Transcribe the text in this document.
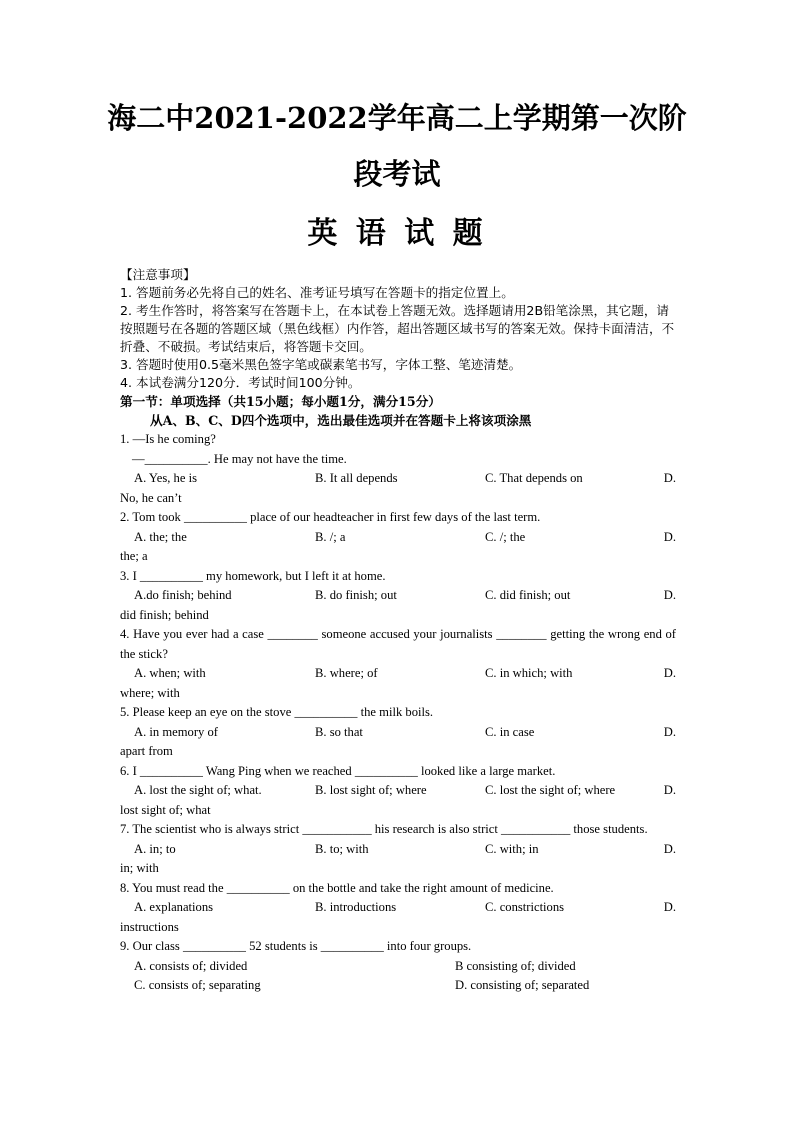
海二中2021-2022学年高二上学期第一次阶
段考试
英 语 试 题
【注意事项】
1. 答题前务必先将自己的姓名、准考证号填写在答题卡的指定位置上。
2. 考生作答时，将答案写在答题卡上，在本试卷上答题无效。选择题请用2B铅笔涂黑，其它题，请按照题号在各题的答题区域（黑色线框）内作答，超出答题区域书写的答案无效。保持卡面清洁，不折叠、不破损。考试结束后，将答题卡交回。
3. 答题时使用0.5毫米黑色签字笔或碳素笔书写，字体工整、笔迹清楚。
4. 本试卷满分120分．考试时间100分钟。
第一节：单项选择（共15小题；每小题1分，满分15分）
从A、B、C、D四个选项中，选出最佳选项并在答题卡上将该项涂黑
1. —Is he coming?
—__________. He may not have the time.
A. Yes, he is	B. It all depends	C. That depends on	D.
No, he can’t
2. Tom took __________ place of our headteacher in first few days of the last term.
A. the; the	B. /; a	C. /; the	D.
the; a
3. I __________ my homework, but I left it at home.
A.do finish; behind	B. do finish; out	C. did finish; out	D.
did finish; behind
4. Have you ever had a case ________ someone accused your journalists ________ getting the wrong end of the stick?
A. when; with	B. where; of	C. in which; with	D.
where; with
5. Please keep an eye on the stove __________ the milk boils.
A. in memory of	B. so that	C. in case	D.
apart from
6. I __________ Wang Ping when we reached __________ looked like a large market.
A. lost the sight of; what.	B. lost sight of; where	C. lost the sight of; where	D.
lost sight of; what
7. The scientist who is always strict ___________ his research is also strict ___________ those students.
A. in; to	B. to; with	C. with; in	D.
in; with
8. You must read the __________ on the bottle and take the right amount of medicine.
A. explanations	B. introductions	C. constrictions	D.
instructions
9. Our class __________ 52 students is __________ into four groups.
A. consists of; divided	B consisting of; divided
C. consists of; separating	D. consisting of; separated
